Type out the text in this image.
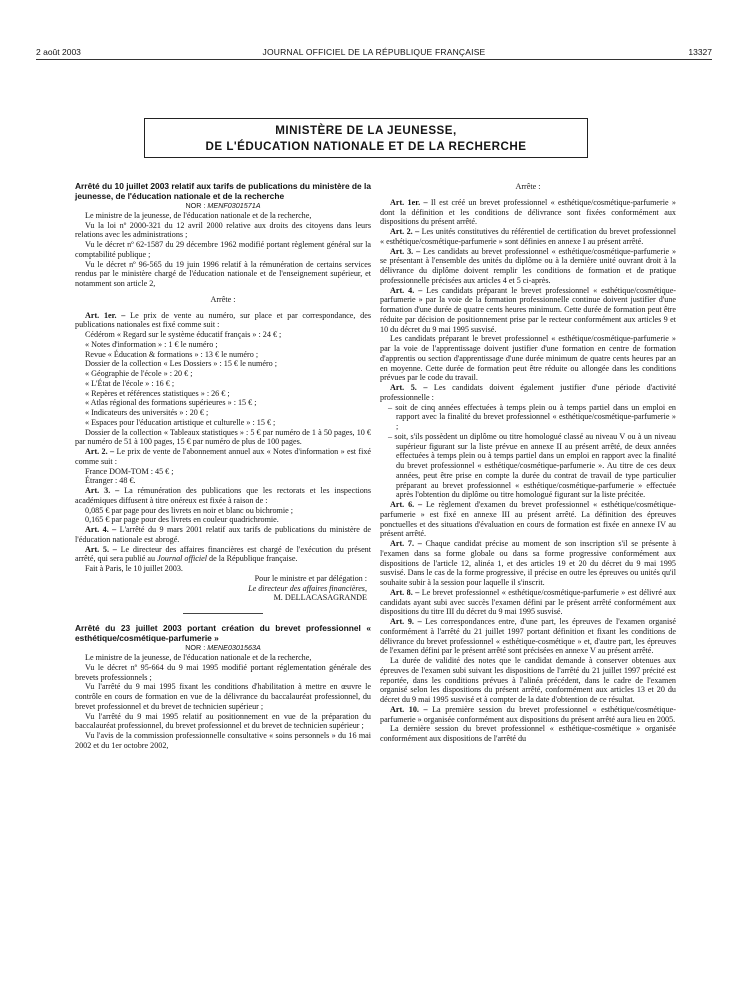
2 août 2003	JOURNAL OFFICIEL DE LA RÉPUBLIQUE FRANÇAISE	13327
MINISTÈRE DE LA JEUNESSE,
DE L'ÉDUCATION NATIONALE ET DE LA RECHERCHE

Arrêté du 10 juillet 2003 relatif aux tarifs de publications du ministère de la jeunesse, de l'éducation nationale et de la recherche

NOR : MENF0301571A

Le ministre de la jeunesse, de l'éducation nationale et de la recherche,

Vu la loi nº 2000-321 du 12 avril 2000 relative aux droits des citoyens dans leurs relations avec les administrations ;

Vu le décret nº 62-1587 du 29 décembre 1962 modifié portant règlement général sur la comptabilité publique ;

Vu le décret nº 96-565 du 19 juin 1996 relatif à la rémunération de certains services rendus par le ministère chargé de l'éducation nationale et de l'enseignement supérieur, et notamment son article 2,

Arrête :

Art. 1er. – Le prix de vente au numéro, sur place et par correspondance, des publications nationales est fixé comme suit :

Cédérom « Regard sur le système éducatif français » : 24 € ;

« Notes d'information » : 1 € le numéro ;

Revue « Éducation & formations » : 13 € le numéro ;

Dossier de la collection « Les Dossiers » : 15 € le numéro ;

« Géographie de l'école » : 20 € ;

« L'État de l'école » : 16 € ;

« Repères et références statistiques » : 26 € ;

« Atlas régional des formations supérieures » : 15 € ;

« Indicateurs des universités » : 20 € ;

« Espaces pour l'éducation artistique et culturelle » : 15 € ;

Dossier de la collection « Tableaux statistiques » : 5 € par numéro de 1 à 50 pages, 10 € par numéro de 51 à 100 pages, 15 € par numéro de plus de 100 pages.

Art. 2. – Le prix de vente de l'abonnement annuel aux « Notes d'information » est fixé comme suit :

France DOM-TOM : 45 € ;

Étranger : 48 €.

Art. 3. – La rémunération des publications que les rectorats et les inspections académiques diffusent à titre onéreux est fixée à raison de :

0,085 € par page pour des livrets en noir et blanc ou bichromie ;

0,165 € par page pour des livrets en couleur quadrichromie.

Art. 4. – L'arrêté du 9 mars 2001 relatif aux tarifs de publications du ministère de l'éducation nationale est abrogé.

Art. 5. – Le directeur des affaires financières est chargé de l'exécution du présent arrêté, qui sera publié au Journal officiel de la République française.

Fait à Paris, le 10 juillet 2003.

Pour le ministre et par délégation :

Le directeur des affaires financières,

M. DELLACASAGRANDE

Arrêté du 23 juillet 2003 portant création du brevet professionnel « esthétique/cosmétique-parfumerie »

NOR : MENE0301563A

Le ministre de la jeunesse, de l'éducation nationale et de la recherche,

Vu le décret nº 95-664 du 9 mai 1995 modifié portant réglementation générale des brevets professionnels ;

Vu l'arrêté du 9 mai 1995 fixant les conditions d'habilitation à mettre en œuvre le contrôle en cours de formation en vue de la délivrance du baccalauréat professionnel, du brevet professionnel et du brevet de technicien supérieur ;

Vu l'arrêté du 9 mai 1995 relatif au positionnement en vue de la préparation du baccalauréat professionnel, du brevet professionnel et du brevet de technicien supérieur ;

Vu l'avis de la commission professionnelle consultative « soins personnels » du 16 mai 2002 et du 1er octobre 2002,

Arrête :

Art. 1er. – Il est créé un brevet professionnel « esthétique/cosmétique-parfumerie » dont la définition et les conditions de délivrance sont fixées conformément aux dispositions du présent arrêté.

Art. 2. – Les unités constitutives du référentiel de certification du brevet professionnel « esthétique/cosmétique-parfumerie » sont définies en annexe I au présent arrêté.

Art. 3. – Les candidats au brevet professionnel « esthétique/cosmétique-parfumerie » se présentant à l'ensemble des unités du diplôme ou à la dernière unité ouvrant droit à la délivrance du diplôme doivent remplir les conditions de formation et de pratique professionnelle précisées aux articles 4 et 5 ci-après.

Art. 4. – Les candidats préparant le brevet professionnel « esthétique/cosmétique-parfumerie » par la voie de la formation professionnelle continue doivent justifier d'une formation d'une durée de quatre cents heures minimum. Cette durée de formation peut être réduite par décision de positionnement prise par le recteur conformément aux articles 9 et 10 du décret du 9 mai 1995 susvisé.

Les candidats préparant le brevet professionnel « esthétique/cosmétique-parfumerie » par la voie de l'apprentissage doivent justifier d'une formation en centre de formation d'apprentis ou section d'apprentissage d'une durée minimum de quatre cents heures par an en moyenne. Cette durée de formation peut être réduite ou allongée dans les conditions prévues par le code du travail.

Art. 5. – Les candidats doivent également justifier d'une période d'activité professionnelle :

– soit de cinq années effectuées à temps plein ou à temps partiel dans un emploi en rapport avec la finalité du brevet professionnel « esthétique/cosmétique-parfumerie » ;

– soit, s'ils possèdent un diplôme ou titre homologué classé au niveau V ou à un niveau supérieur figurant sur la liste prévue en annexe II au présent arrêté, de deux années effectuées à temps plein ou à temps partiel dans un emploi en rapport avec la finalité du brevet professionnel « esthétique/cosmétique-parfumerie ». Au titre de ces deux années, peut être prise en compte la durée du contrat de travail de type particulier préparant au brevet professionnel « esthétique/cosmétique-parfumerie » effectuée après l'obtention du diplôme ou titre homologué figurant sur la liste précitée.

Art. 6. – Le règlement d'examen du brevet professionnel « esthétique/cosmétique-parfumerie » est fixé en annexe III au présent arrêté. La définition des épreuves ponctuelles et des situations d'évaluation en cours de formation est fixée en annexe IV au présent arrêté.

Art. 7. – Chaque candidat précise au moment de son inscription s'il se présente à l'examen dans sa forme globale ou dans sa forme progressive conformément aux dispositions de l'article 12, alinéa 1, et des articles 19 et 20 du décret du 9 mai 1995 susvisé. Dans le cas de la forme progressive, il précise en outre les épreuves ou unités qu'il souhaite subir à la session pour laquelle il s'inscrit.

Art. 8. – Le brevet professionnel « esthétique/cosmétique-parfumerie » est délivré aux candidats ayant subi avec succès l'examen défini par le présent arrêté conformément aux dispositions du titre III du décret du 9 mai 1995 susvisé.

Art. 9. – Les correspondances entre, d'une part, les épreuves de l'examen organisé conformément à l'arrêté du 21 juillet 1997 portant définition et fixant les conditions de délivrance du brevet professionnel « esthétique-cosmétique » et, d'autre part, les épreuves de l'examen défini par le présent arrêté sont précisées en annexe V au présent arrêté.

La durée de validité des notes que le candidat demande à conserver obtenues aux épreuves de l'examen subi suivant les dispositions de l'arrêté du 21 juillet 1997 précité est reportée, dans les conditions prévues à l'alinéa précédent, dans le cadre de l'examen organisé selon les dispositions du présent arrêté, conformément aux articles 13 et 20 du décret du 9 mai 1995 susvisé et à compter de la date d'obtention de ce résultat.

Art. 10. – La première session du brevet professionnel « esthétique/cosmétique-parfumerie » organisée conformément aux dispositions du présent arrêté aura lieu en 2005.

La dernière session du brevet professionnel « esthétique-cosmétique » organisée conformément aux dispositions de l'arrêté du
